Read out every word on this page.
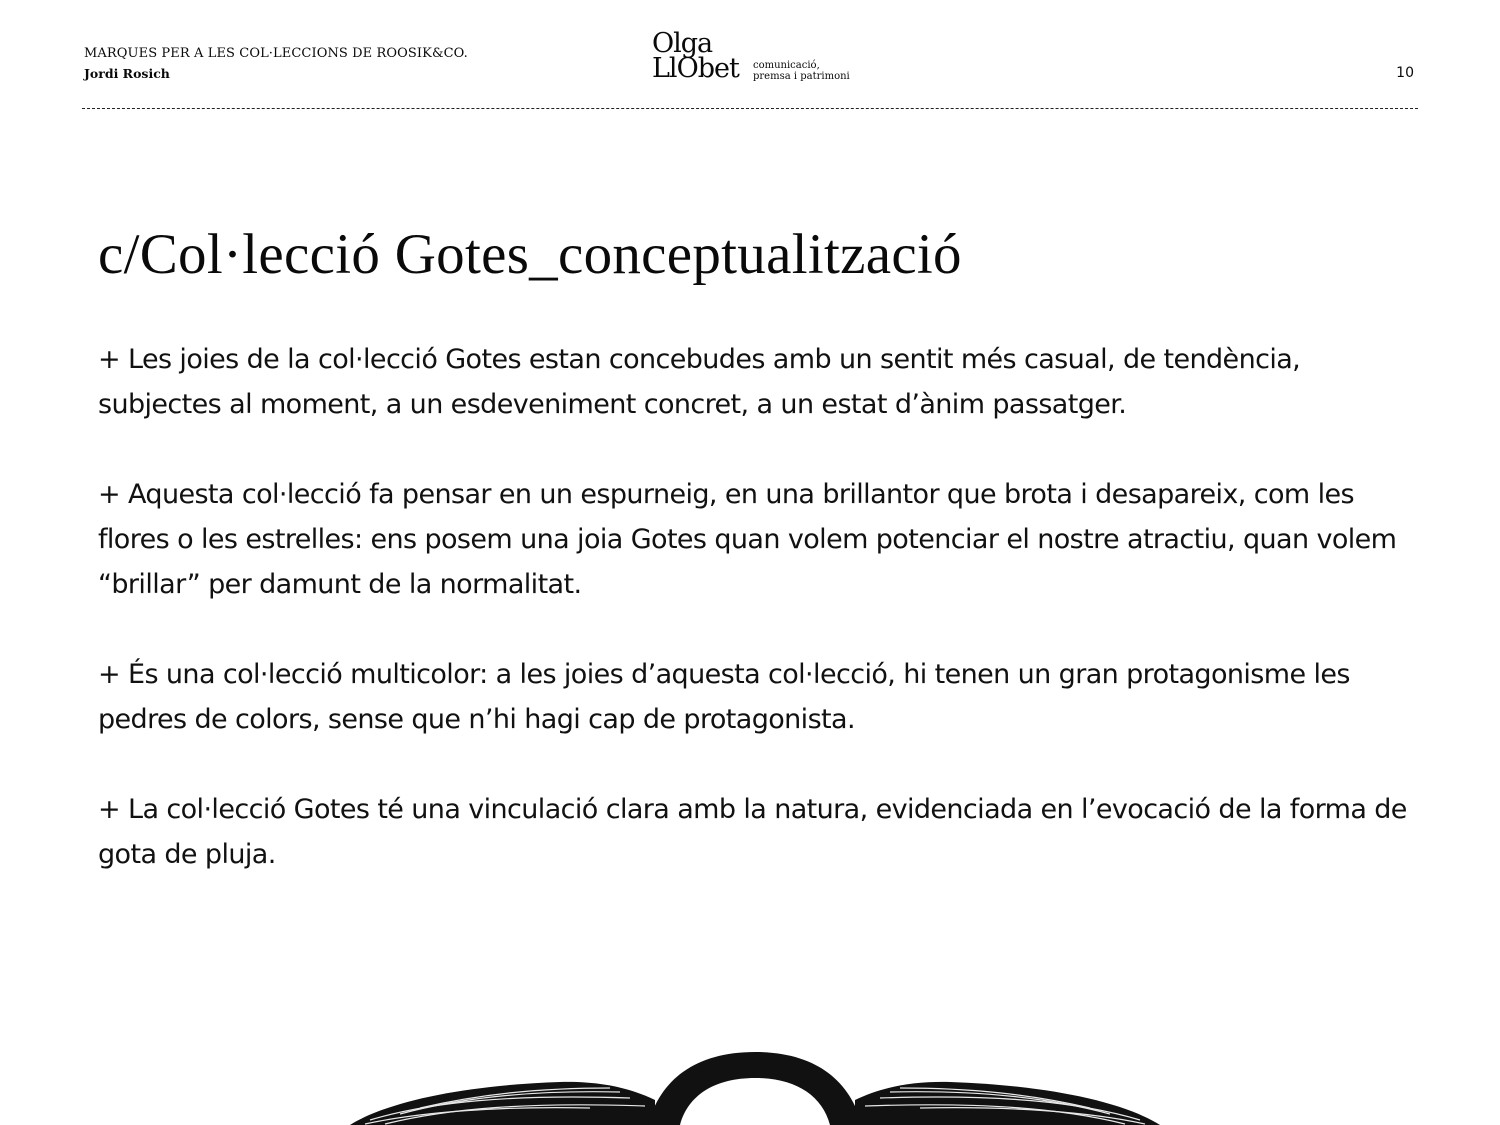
MARQUES PER A LES COL·LECCIONS DE ROOSIK&CO.
Jordi Rosich
Olga
LlObet comunicació,
premsa i patrimoni	10
c/Col·lecció Gotes_conceptualització

+ Les joies de la col·lecció Gotes estan concebudes amb un sentit més casual, de tendència, subjectes al moment, a un esdeveniment concret, a un estat d’ànim passatger.

+ Aquesta col·lecció fa pensar en un espurneig, en una brillantor que brota i desapareix, com les flores o les estrelles: ens posem una joia Gotes quan volem potenciar el nostre atractiu, quan volem “brillar” per damunt de la normalitat.

+ És una col·lecció multicolor: a les joies d’aquesta col·lecció, hi tenen un gran protagonisme les pedres de colors, sense que n’hi hagi cap de protagonista.

+ La col·lecció Gotes té una vinculació clara amb la natura, evidenciada en l’evocació de la forma de gota de pluja.
